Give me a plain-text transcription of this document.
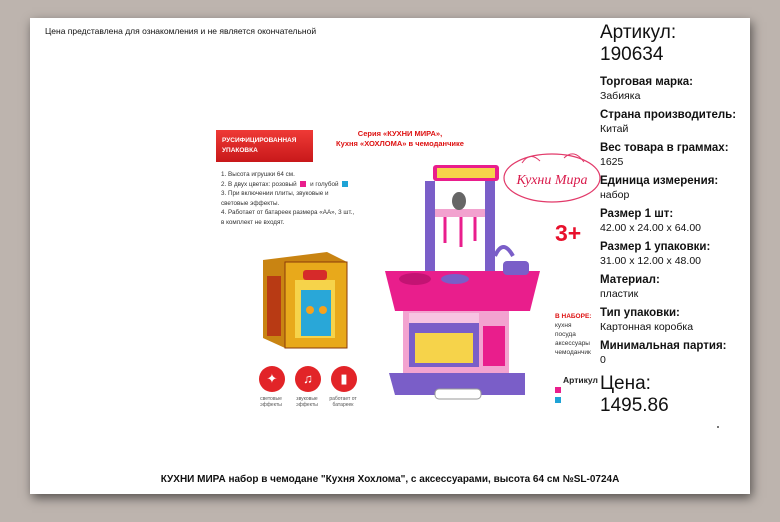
Цена представлена для ознакомления и не является окончательной	Артикул:
190634
Торговая марка:
Забияка
Страна производитель:
Китай
Вес товара в граммах:
1625
Единица измерения:
набор
Размер 1 шт:
42.00 x 24.00 x 64.00
Размер 1 упаковки:
31.00 x 12.00 x 48.00
Материал:
пластик
Тип упаковки:
Картонная коробка
Минимальная партия:
0
Цена:
1495.86
РУСИФИЦИРОВАННАЯ
УПАКОВКА
Серия «КУХНИ МИРА»,
Кухня «ХОХЛОМА» в чемоданчике
1. Высота игрушки 64 см.
2. В двух цветах: розовый и голубой
3. При включении плиты, звуковые и
световые эффекты.
4. Работает от батареек размера «АА», 3 шт.,
в комплект не входят.
Кухни Мира
3+
В НАБОРЕ:
кухня
посуда
аксессуары
чемоданчик
Артикул
✦
световые эффекты
♫
звуковые эффекты
▮
работает от батареек
КУХНИ МИРА набор в чемодане "Кухня Хохлома", с аксессуарами, высота 64 см №SL-0724A
